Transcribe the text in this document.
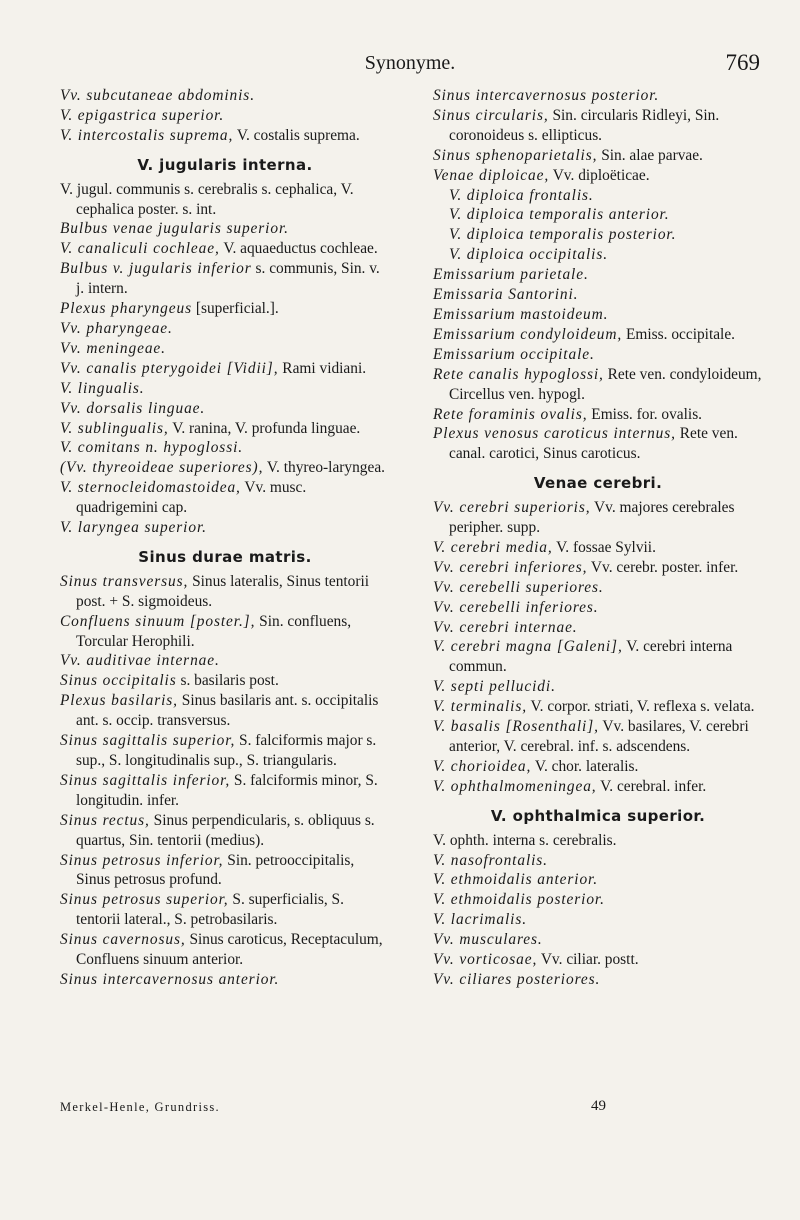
Synonyme.	769

Vv. subcutaneae abdominis.

V. epigastrica superior.

V. intercostalis suprema, V. costalis suprema.

V. jugularis interna.

V. jugul. communis s. cerebralis s. cephalica, V. cephalica poster. s. int.

Bulbus venae jugularis superior.

V. canaliculi cochleae, V. aquaeductus cochleae.

Bulbus v. jugularis inferior s. communis, Sin. v. j. intern.

Plexus pharyngeus [superficial.].

Vv. pharyngeae.

Vv. meningeae.

Vv. canalis pterygoidei [Vidii], Rami vidiani.

V. lingualis.

Vv. dorsalis linguae.

V. sublingualis, V. ranina, V. profunda linguae.

V. comitans n. hypoglossi.

(Vv. thyreoideae superiores), V. thyreo-laryngea.

V. sternocleidomastoidea, Vv. musc. quadrigemini cap.

V. laryngea superior.

Sinus durae matris.

Sinus transversus, Sinus lateralis, Sinus tentorii post. + S. sigmoideus.

Confluens sinuum [poster.], Sin. confluens, Torcular Herophili.

Vv. auditivae internae.

Sinus occipitalis s. basilaris post.

Plexus basilaris, Sinus basilaris ant. s. occipitalis ant. s. occip. transversus.

Sinus sagittalis superior, S. falciformis major s. sup., S. longitudinalis sup., S. triangularis.

Sinus sagittalis inferior, S. falciformis minor, S. longitudin. infer.

Sinus rectus, Sinus perpendicularis, s. obliquus s. quartus, Sin. tentorii (medius).

Sinus petrosus inferior, Sin. petrooccipitalis, Sinus petrosus profund.

Sinus petrosus superior, S. superficialis, S. tentorii lateral., S. petrobasilaris.

Sinus cavernosus, Sinus caroticus, Receptaculum, Confluens sinuum anterior.

Sinus intercavernosus anterior.

Sinus intercavernosus posterior.

Sinus circularis, Sin. circularis Ridleyi, Sin. coronoideus s. ellipticus.

Sinus sphenoparietalis, Sin. alae parvae.

Venae diploicae, Vv. diploëticae.

V. diploica frontalis.

V. diploica temporalis anterior.

V. diploica temporalis posterior.

V. diploica occipitalis.

Emissarium parietale.

Emissaria Santorini.

Emissarium mastoideum.

Emissarium condyloideum, Emiss. occipitale.

Emissarium occipitale.

Rete canalis hypoglossi, Rete ven. condyloideum, Circellus ven. hypogl.

Rete foraminis ovalis, Emiss. for. ovalis.

Plexus venosus caroticus internus, Rete ven. canal. carotici, Sinus caroticus.

Venae cerebri.

Vv. cerebri superioris, Vv. majores cerebrales peripher. supp.

V. cerebri media, V. fossae Sylvii.

Vv. cerebri inferiores, Vv. cerebr. poster. infer.

Vv. cerebelli superiores.

Vv. cerebelli inferiores.

Vv. cerebri internae.

V. cerebri magna [Galeni], V. cerebri interna commun.

V. septi pellucidi.

V. terminalis, V. corpor. striati, V. reflexa s. velata.

V. basalis [Rosenthali], Vv. basilares, V. cerebri anterior, V. cerebral. inf. s. adscendens.

V. chorioidea, V. chor. lateralis.

V. ophthalmomeningea, V. cerebral. infer.

V. ophthalmica superior.

V. ophth. interna s. cerebralis.

V. nasofrontalis.

V. ethmoidalis anterior.

V. ethmoidalis posterior.

V. lacrimalis.

Vv. musculares.

Vv. vorticosae, Vv. ciliar. postt.

Vv. ciliares posteriores.

Merkel-Henle, Grundriss.	49
